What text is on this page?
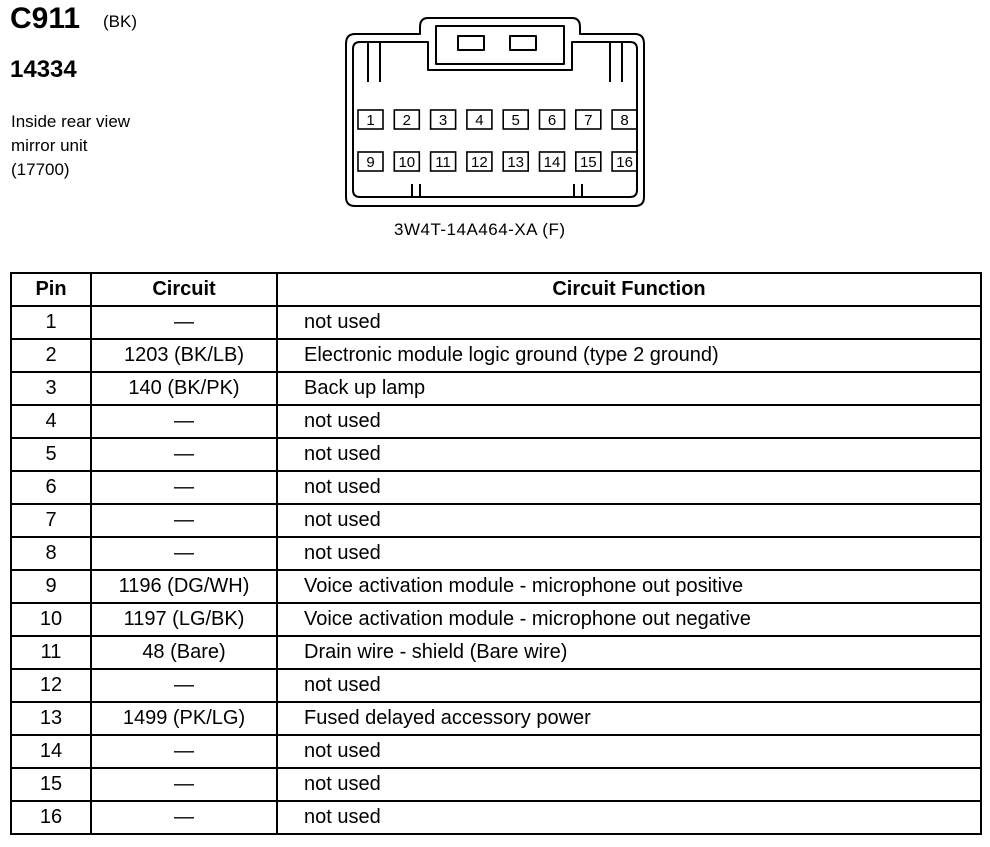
C911 (BK)
14334
Inside rear view
mirror unit
(17700)
1 2 3 4 5 6 7 8
9 10 11 12 13 14 15 16
3W4T-14A464-XA (F)
Pin	Circuit	Circuit Function
1	—	not used
2	1203 (BK/LB)	Electronic module logic ground (type 2 ground)
3	140 (BK/PK)	Back up lamp
4	—	not used
5	—	not used
6	—	not used
7	—	not used
8	—	not used
9	1196 (DG/WH)	Voice activation module - microphone out positive
10	1197 (LG/BK)	Voice activation module - microphone out negative
11	48 (Bare)	Drain wire - shield (Bare wire)
12	—	not used
13	1499 (PK/LG)	Fused delayed accessory power
14	—	not used
15	—	not used
16	—	not used
